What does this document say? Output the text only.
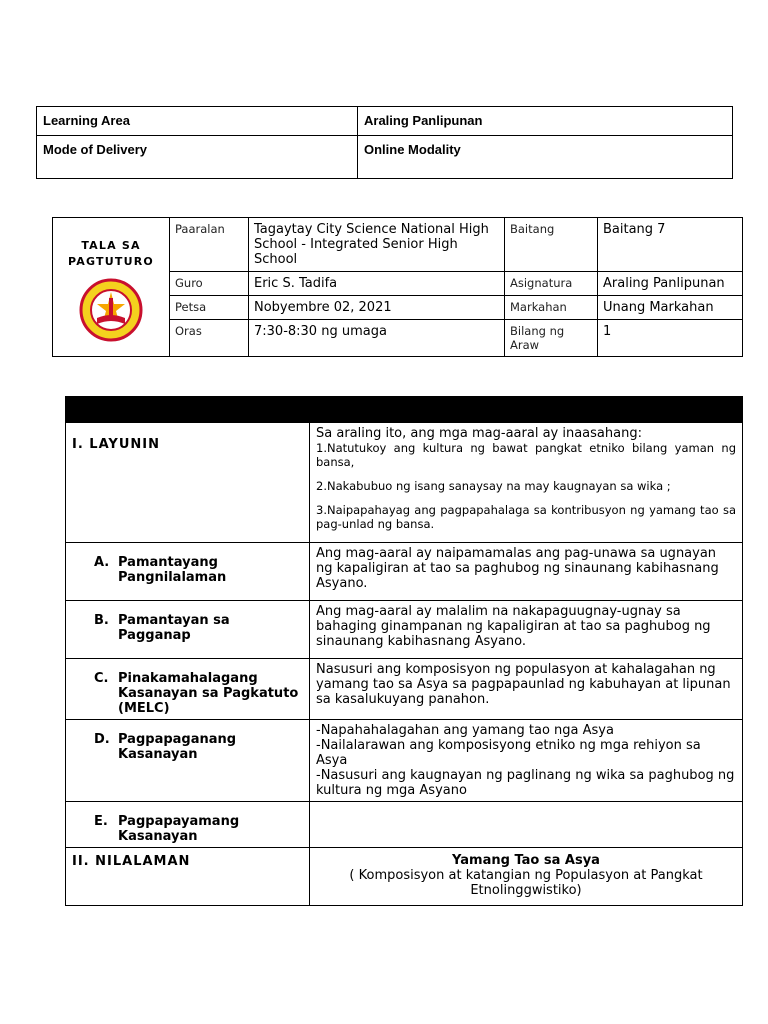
Learning Area	Araling Panlipunan
Mode of Delivery	Online Modality
TALA SA PAGTUTURO	Paaralan	Tagaytay City Science National High School - Integrated Senior High School	Baitang	Baitang 7
	Guro	Eric S. Tadifa	Asignatura	Araling Panlipunan
	Petsa	Nobyembre 02, 2021	Markahan	Unang Markahan
	Oras	7:30-8:30 ng umaga	Bilang ng Araw	1

I. LAYUNIN	Sa araling ito, ang mga mag-aaral ay inaasahang:

1.Natutukoy ang kultura ng bawat pangkat etniko bilang yaman ng bansa,

2.Nakabubuo ng isang sanaysay na may kaugnayan sa wika ;

3.Naipapahayag ang pagpapahalaga sa kontribusyon ng yamang tao sa pag-unlad ng bansa.				

A. Pamantayang Pangnilalaman	Ang mag-aaral ay naipamamalas ang pag-unawa sa ugnayan ng kapaligiran at tao sa paghubog ng sinaunang kabihasnang Asyano.				
B. Pamantayan sa Pagganap	Ang mag-aaral ay malalim na nakapaguugnay-ugnay sa bahaging ginampanan ng kapaligiran at tao sa paghubog ng sinaunang kabihasnang Asyano.				
C. Pinakamahalagang Kasanayan sa Pagkatuto (MELC)	Nasusuri ang komposisyon ng populasyon at kahalagahan ng yamang tao sa Asya sa pagpapaunlad ng kabuhayan at lipunan sa kasalukuyang panahon.				
D. Pagpapaganang Kasanayan	-Napahahalagahan ang yamang tao nga Asya

-Nailalarawan ang komposisyong etniko ng mga rehiyon sa Asya

-Nasusuri ang kaugnayan ng paglinang ng wika sa paghubog ng kultura ng mga Asyano				

E. Pagpapayamang Kasanayan					
II. NILALAMAN	Yamang Tao sa Asya

( Komposisyon at katangian ng Populasyon at Pangkat Etnolinggwistiko)				
